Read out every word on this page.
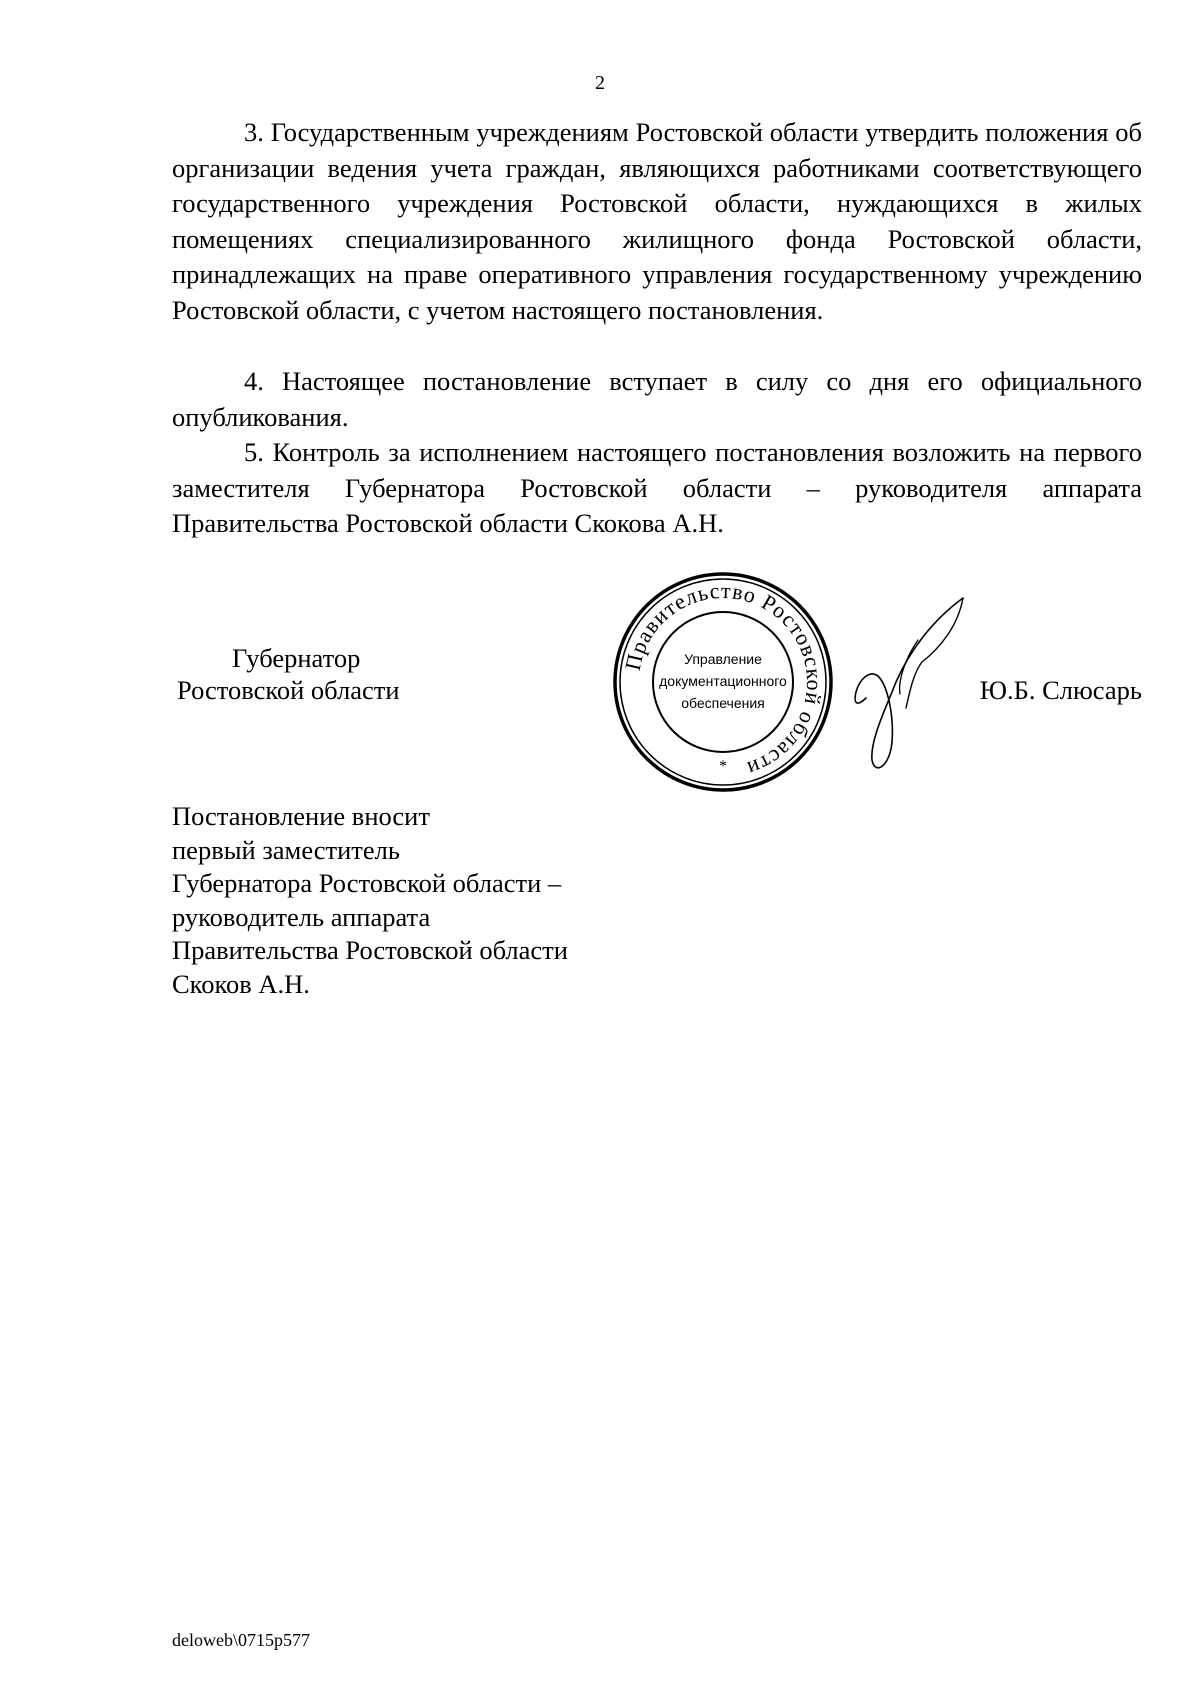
2

3. Государственным учреждениям Ростовской области утвердить положения об организации ведения учета граждан, являющихся работниками соответствующего государственного учреждения Ростовской области, нуждающихся в жилых помещениях специализированного жилищного фонда Ростовской области, принадлежащих на праве оперативного управления государственному учреждению Ростовской области, с учетом настоящего постановления.

4. Настоящее постановление вступает в силу со дня его официального опубликования.

5. Контроль за исполнением настоящего постановления возложить на первого заместителя Губернатора Ростовской области – руководителя аппарата Правительства Ростовской области Скокова А.Н.

Губернатор
Ростовской области	Ю.Б. Слюсарь
Правительство Ростовской области
Управление
документационного
обеспечения
*
Постановление вносит
первый заместитель
Губернатора Ростовской области –
руководитель аппарата
Правительства Ростовской области
Скоков А.Н.
deloweb\0715p577
